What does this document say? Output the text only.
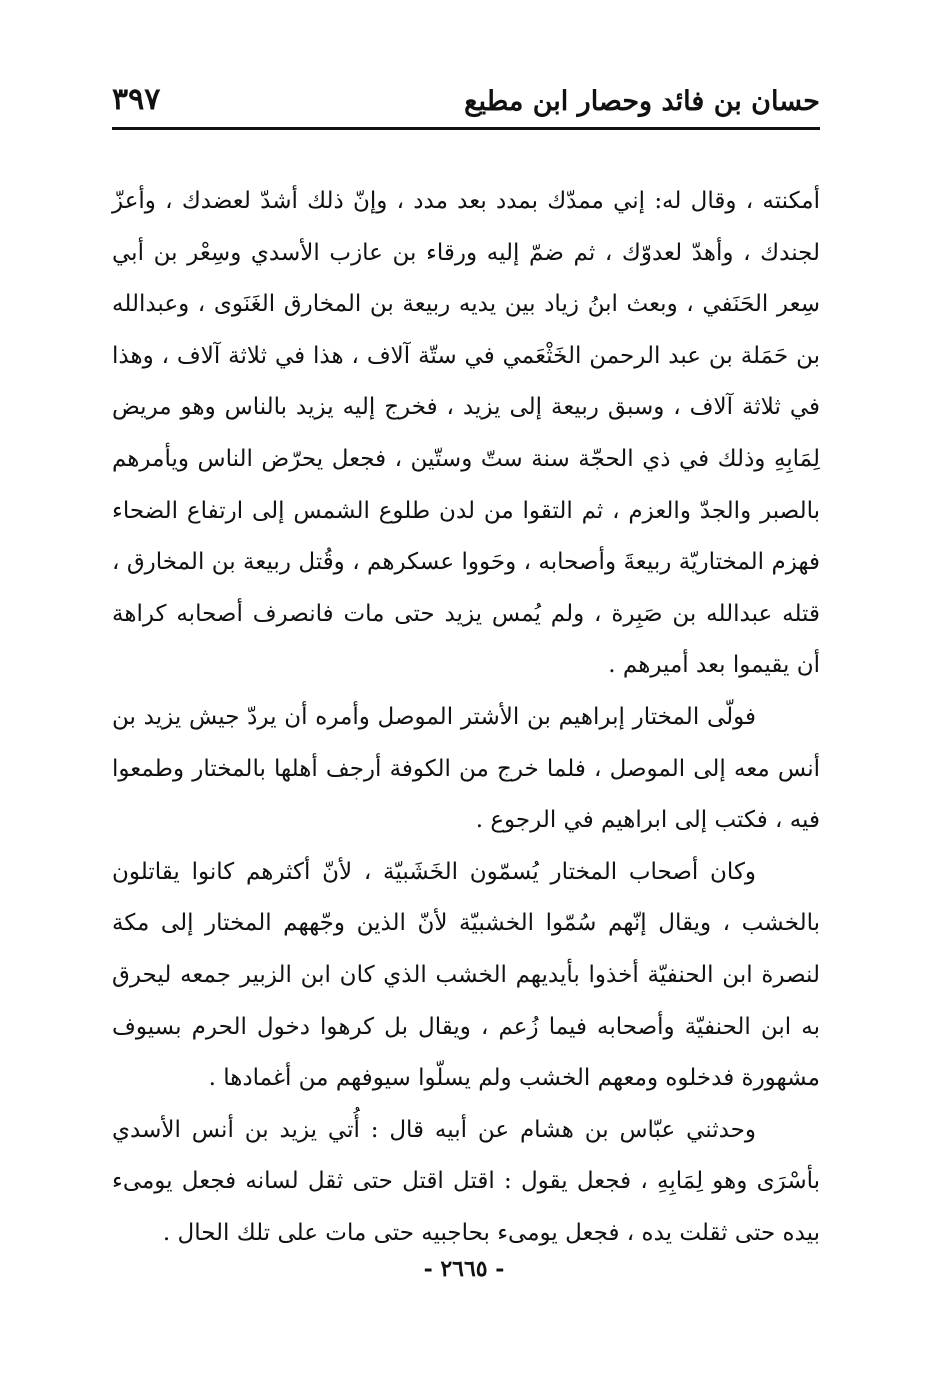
حسان بن فائد وحصار ابن مطيع
٣٩٧

أمكنته ، وقال له: إني ممدّك بمدد بعد مدد ، وإنّ ذلك أشدّ لعضدك ، وأعزّ لجندك ، وأهدّ لعدوّك ، ثم ضمّ إليه ورقاء بن عازب الأسدي وسِعْر بن أبي سِعر الحَنَفي ، وبعث ابنُ زياد بين يديه ربيعة بن المخارق الغَنَوى ، وعبدالله بن حَمَلة بن عبد الرحمن الخَثْعَمي في ستّة آلاف ، هذا في ثلاثة آلاف ، وهذا في ثلاثة آلاف ، وسبق ربيعة إلى يزيد ، فخرج إليه يزيد بالناس وهو مريض لِمَابِهِ وذلك في ذي الحجّة سنة ستّ وستّين ، فجعل يحرّض الناس ويأمرهم بالصبر والجدّ والعزم ، ثم التقوا من لدن طلوع الشمس إلى ارتفاع الضحاء فهزم المختاريّة ربيعةَ وأصحابه ، وحَووا عسكرهم ، وقُتل ربيعة بن المخارق ، قتله عبدالله بن صَبِرة ، ولم يُمس يزيد حتى مات فانصرف أصحابه كراهة أن يقيموا بعد أميرهم .

فولّى المختار إبراهيم بن الأشتر الموصل وأمره أن يردّ جيش يزيد بن أنس معه إلى الموصل ، فلما خرج من الكوفة أرجف أهلها بالمختار وطمعوا فيه ، فكتب إلى ابراهيم في الرجوع .

وكان أصحاب المختار يُسمّون الخَشَبيّة ، لأنّ أكثرهم كانوا يقاتلون بالخشب ، ويقال إنّهم سُمّوا الخشبيّة لأنّ الذين وجّههم المختار إلى مكة لنصرة ابن الحنفيّة أخذوا بأيديهم الخشب الذي كان ابن الزبير جمعه ليحرق به ابن الحنفيّة وأصحابه فيما زُعم ، ويقال بل كرهوا دخول الحرم بسيوف مشهورة فدخلوه ومعهم الخشب ولم يسلّوا سيوفهم من أغمادها .

وحدثني عبّاس بن هشام عن أبيه قال : أُتي يزيد بن أنس الأسدي بأسْرَى وهو لِمَابِهِ ، فجعل يقول : اقتل اقتل حتى ثقل لسانه فجعل يومىء بيده حتى ثقلت يده ، فجعل يومىء بحاجبيه حتى مات على تلك الحال .

- ٢٦٦٥ -
